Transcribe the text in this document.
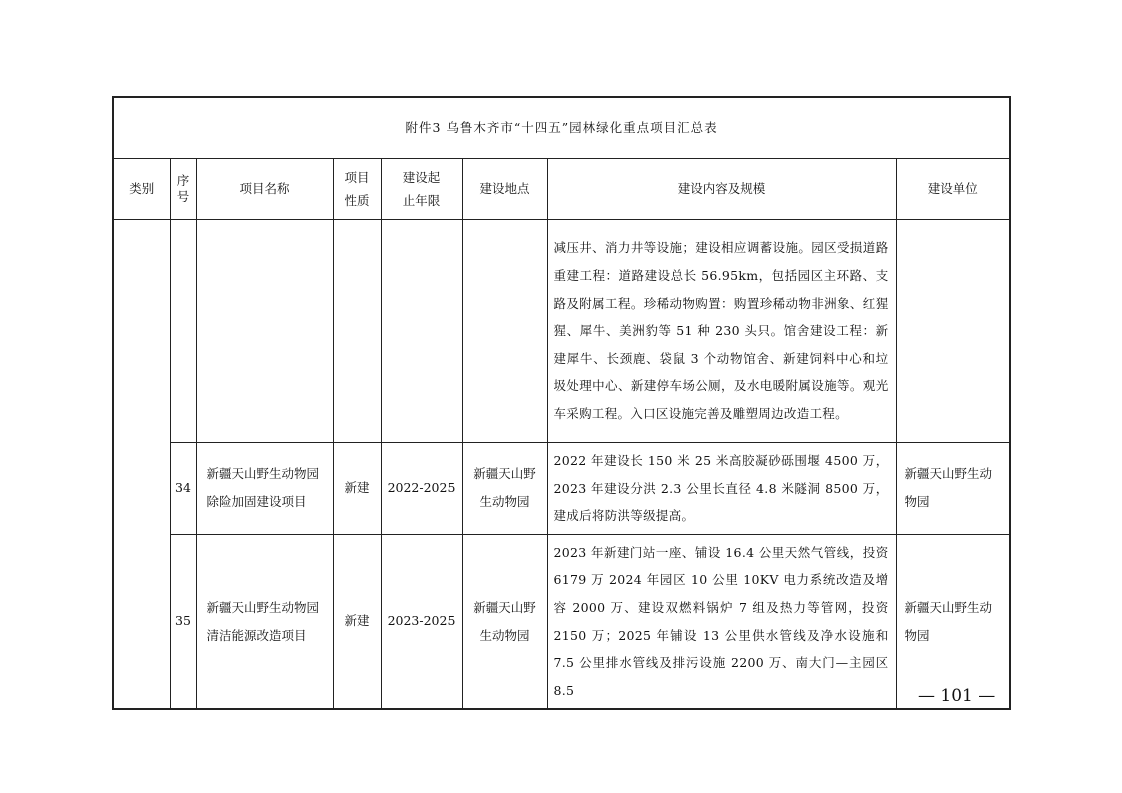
附件3 乌鲁木齐市“十四五”园林绿化重点项目汇总表							
类别	序号	项目名称	项目性质	建设起止年限	建设地点	建设内容及规模	建设单位
						减压井、消力井等设施；建设相应调蓄设施。园区受损道路重建工程：道路建设总长 56.95km，包括园区主环路、支路及附属工程。珍稀动物购置：购置珍稀动物非洲象、红猩猩、犀牛、美洲豹等 51 种 230 头只。馆舍建设工程：新建犀牛、长颈鹿、袋鼠 3 个动物馆舍、新建饲料中心和垃圾处理中心、新建停车场公厕，及水电暖附属设施等。观光车采购工程。入口区设施完善及雕塑周边改造工程。	
	34	新疆天山野生动物园除险加固建设项目	新建	2022-2025	新疆天山野生动物园	2022 年建设长 150 米 25 米高胶凝砂砾围堰 4500 万，2023 年建设分洪 2.3 公里长直径 4.8 米隧洞 8500 万，建成后将防洪等级提高。	新疆天山野生动物园
	35	新疆天山野生动物园清洁能源改造项目	新建	2023-2025	新疆天山野生动物园	2023 年新建门站一座、铺设 16.4 公里天然气管线，投资 6179 万 2024 年园区 10 公里 10KV 电力系统改造及增容 2000 万、建设双燃料锅炉 7 组及热力等管网，投资 2150 万；2025 年铺设 13 公里供水管线及净水设施和 7.5 公里排水管线及排污设施 2200 万、南大门—主园区 8.5	新疆天山野生动物园
— 101 —
